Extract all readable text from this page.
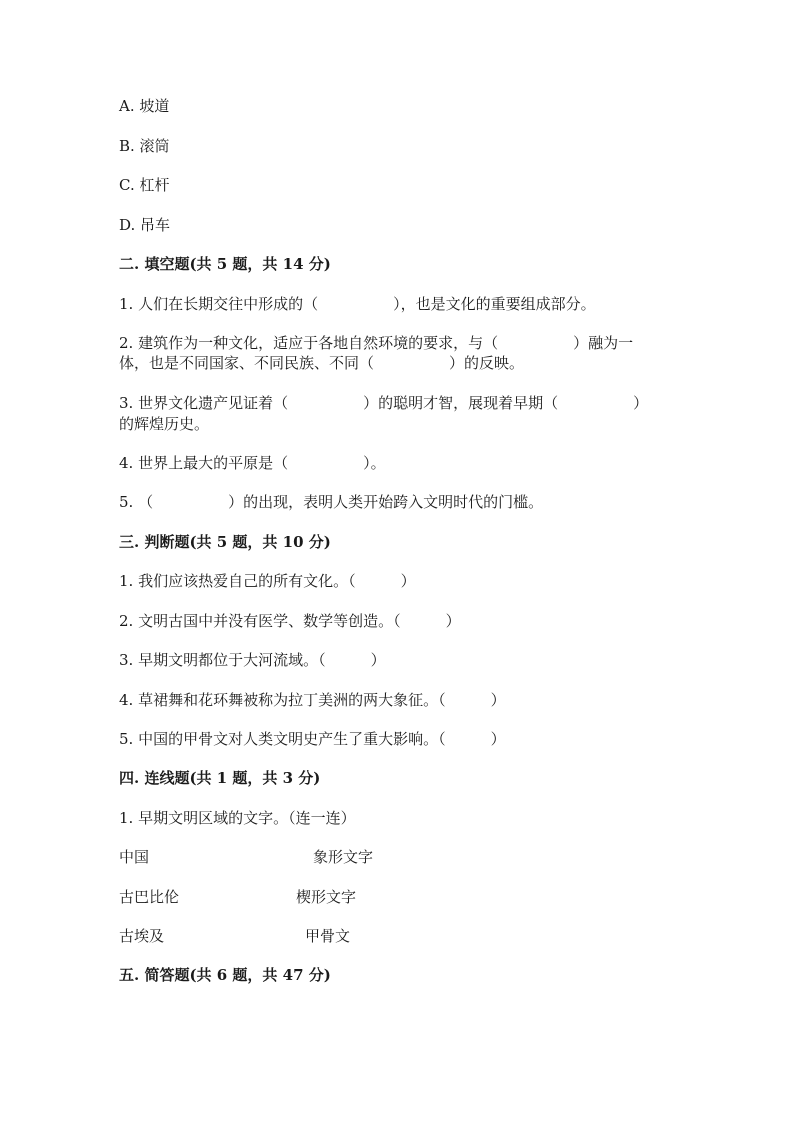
A. 坡道
B. 滚筒
C. 杠杆
D. 吊车
二. 填空题(共 5 题，共 14 分)
1. 人们在长期交往中形成的（　　　　　），也是文化的重要组成部分。
2. 建筑作为一种文化，适应于各地自然环境的要求，与（　　　　　）融为一
体，也是不同国家、不同民族、不同（　　　　　）的反映。
3. 世界文化遗产见证着（　　　　　）的聪明才智，展现着早期（　　　　　）
的辉煌历史。
4. 世界上最大的平原是（　　　　　）。
5. （　　　　　）的出现，表明人类开始跨入文明时代的门槛。
三. 判断题(共 5 题，共 10 分)
1. 我们应该热爱自己的所有文化。（　　　）
2. 文明古国中并没有医学、数学等创造。（　　　）
3. 早期文明都位于大河流域。（　　　）
4. 草裙舞和花环舞被称为拉丁美洲的两大象征。（　　　）
5. 中国的甲骨文对人类文明史产生了重大影响。（　　　）
四. 连线题(共 1 题，共 3 分)
1. 早期文明区域的文字。（连一连）
中国	象形文字
古巴比伦	楔形文字
古埃及	甲骨文
五. 简答题(共 6 题，共 47 分)
